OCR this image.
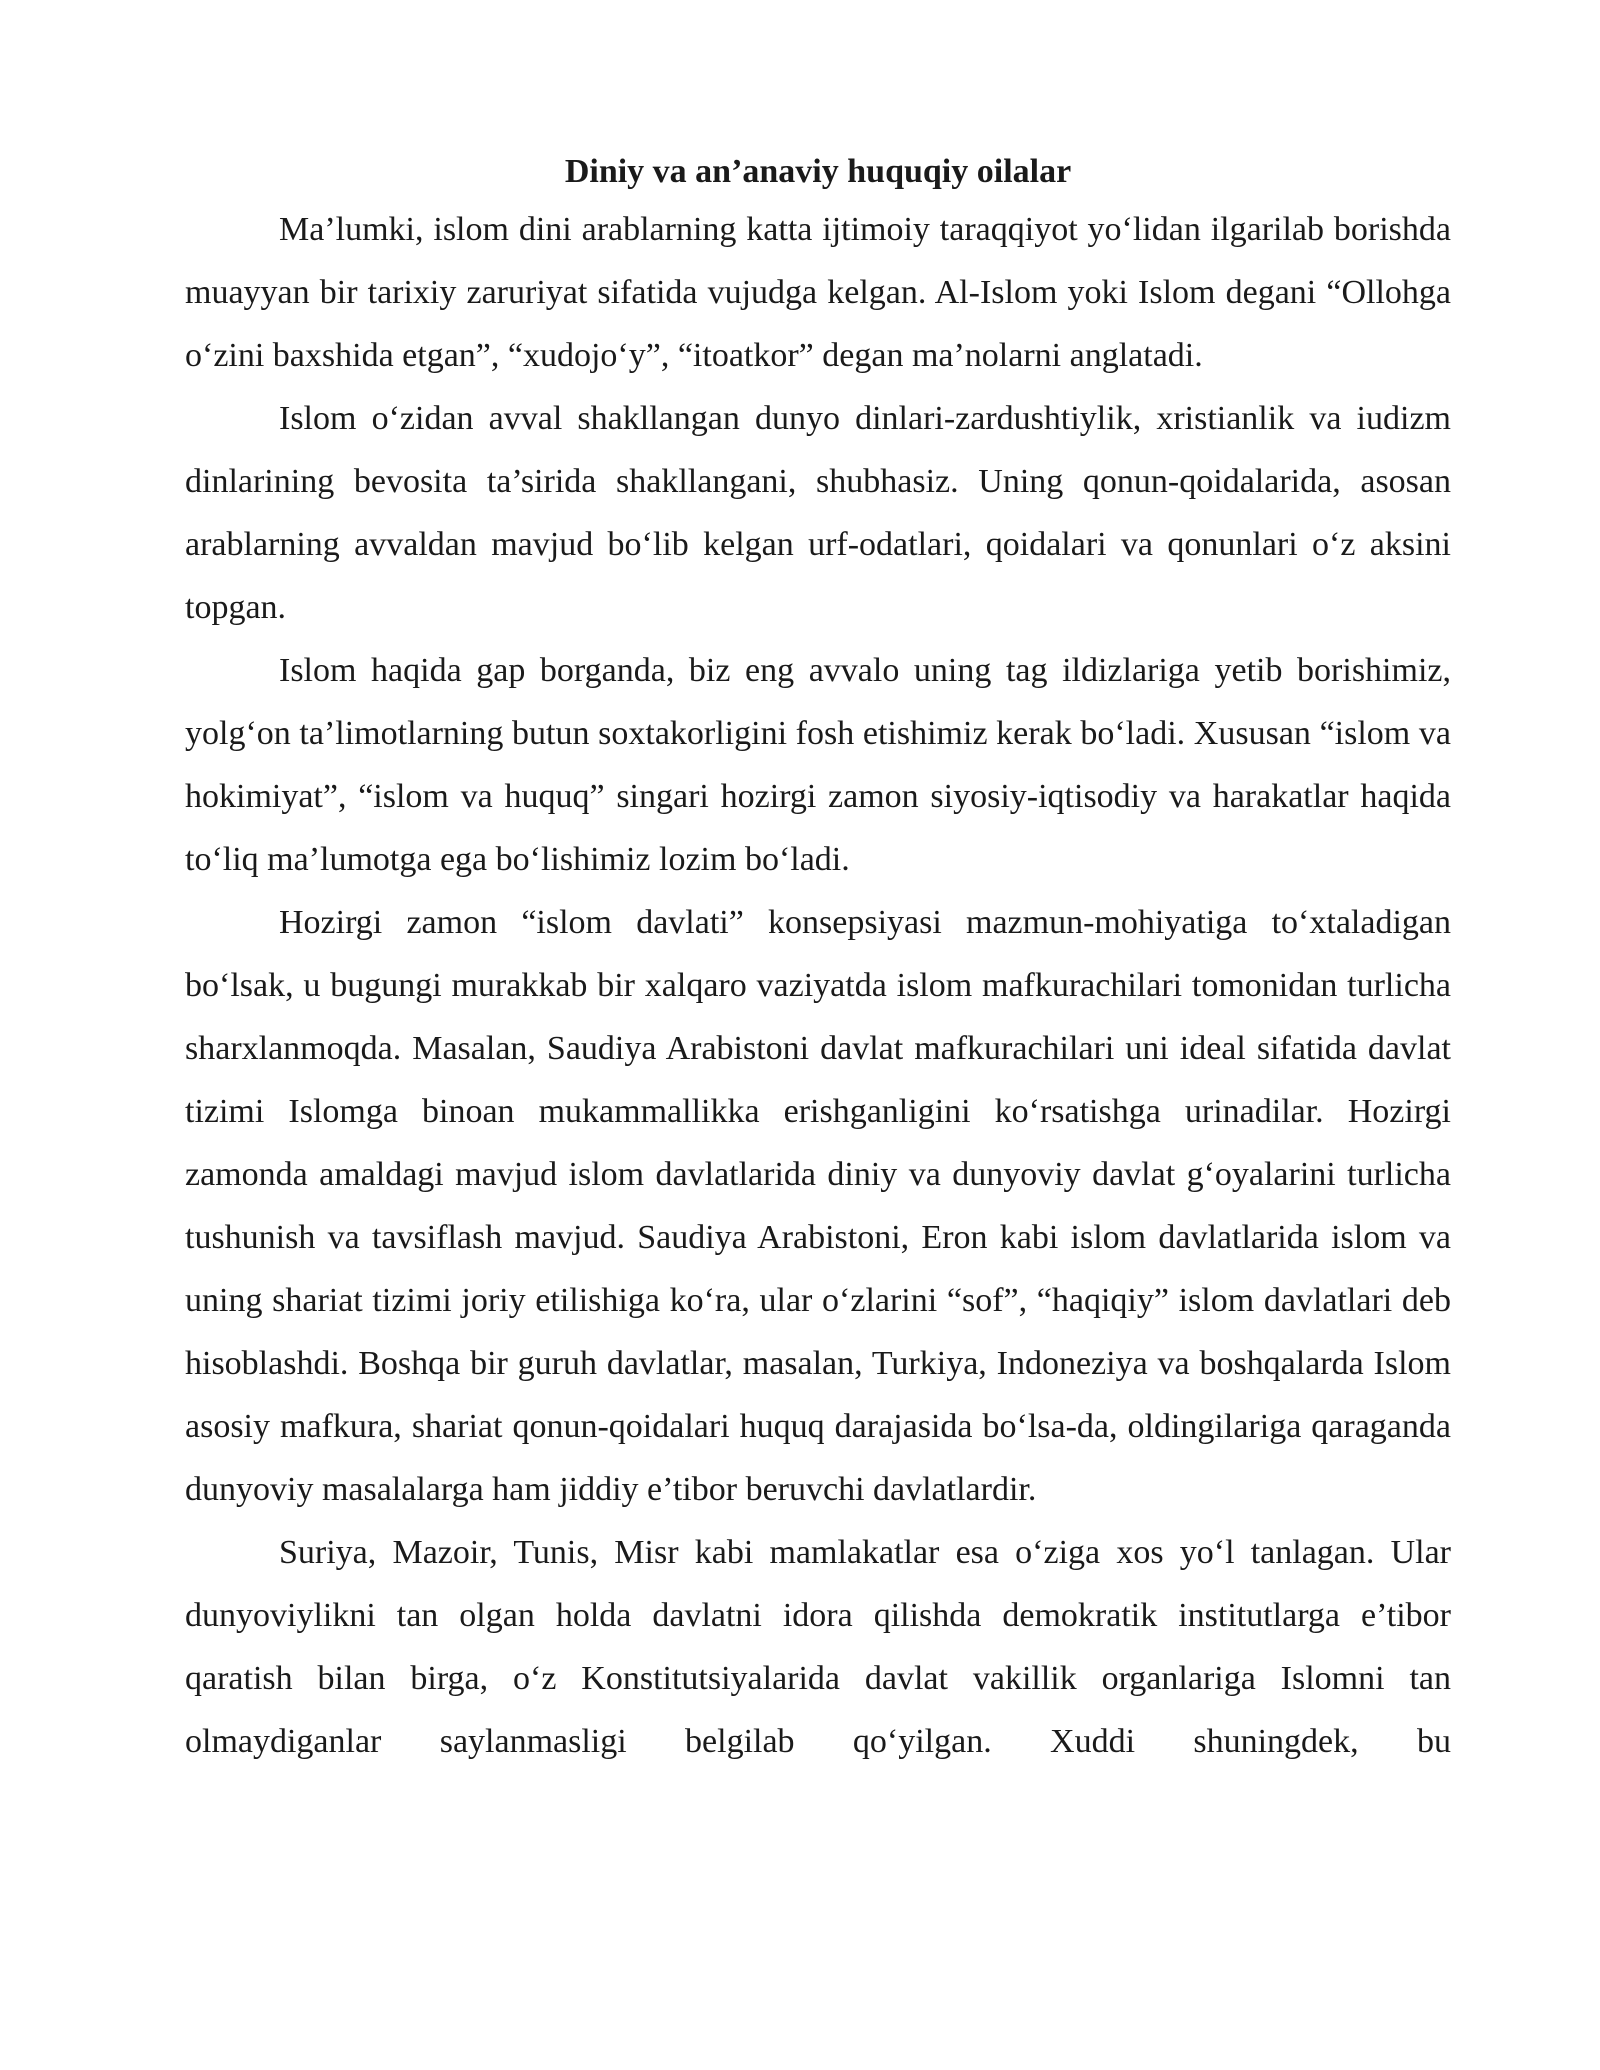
Diniy va an’anaviy huquqiy oilalar

Ma’lumki, islom dini arablarning katta ijtimoiy taraqqiyot yo‘lidan ilgarilab borishda muayyan bir tarixiy zaruriyat sifatida vujudga kelgan. Al-Islom yoki Islom degani “Ollohga o‘zini baxshida etgan”, “xudojo‘y”, “itoatkor” degan ma’nolarni anglatadi.

Islom o‘zidan avval shakllangan dunyo dinlari-zardushtiylik, xristianlik va iudizm dinlarining bevosita ta’sirida shakllangani, shubhasiz. Uning qonun-qoidalarida, asosan arablarning avvaldan mavjud bo‘lib kelgan urf-odatlari, qoidalari va qonunlari o‘z aksini topgan.

Islom haqida gap borganda, biz eng avvalo uning tag ildizlariga yetib borishimiz, yolg‘on ta’limotlarning butun soxtakorligini fosh etishimiz kerak bo‘ladi. Xususan “islom va hokimiyat”, “islom va huquq” singari hozirgi zamon siyosiy-iqtisodiy va harakatlar haqida to‘liq ma’lumotga ega bo‘lishimiz lozim bo‘ladi.

Hozirgi zamon “islom davlati” konsepsiyasi mazmun-mohiyatiga to‘xtaladigan bo‘lsak, u bugungi murakkab bir xalqaro vaziyatda islom mafkurachilari tomonidan turlicha sharxlanmoqda. Masalan, Saudiya Arabistoni davlat mafkurachilari uni ideal sifatida davlat tizimi Islomga binoan mukammallikka erishganligini ko‘rsatishga urinadilar. Hozirgi zamonda amaldagi mavjud islom davlatlarida diniy va dunyoviy davlat g‘oyalarini turlicha tushunish va tavsiflash mavjud. Saudiya Arabistoni, Eron kabi islom davlatlarida islom va uning shariat tizimi joriy etilishiga ko‘ra, ular o‘zlarini “sof”, “haqiqiy” islom davlatlari deb hisoblashdi. Boshqa bir guruh davlatlar, masalan, Turkiya, Indoneziya va boshqalarda Islom asosiy mafkura, shariat qonun-qoidalari huquq darajasida bo‘lsa-da, oldingilariga qaraganda dunyoviy masalalarga ham jiddiy e’tibor beruvchi davlatlardir.

Suriya, Mazoir, Tunis, Misr kabi mamlakatlar esa o‘ziga xos yo‘l tanlagan. Ular dunyoviylikni tan olgan holda davlatni idora qilishda demokratik institutlarga e’tibor qaratish bilan birga, o‘z Konstitutsiyalarida davlat vakillik organlariga Islomni tan olmaydiganlar saylanmasligi belgilab qo‘yilgan. Xuddi shuningdek, bu
